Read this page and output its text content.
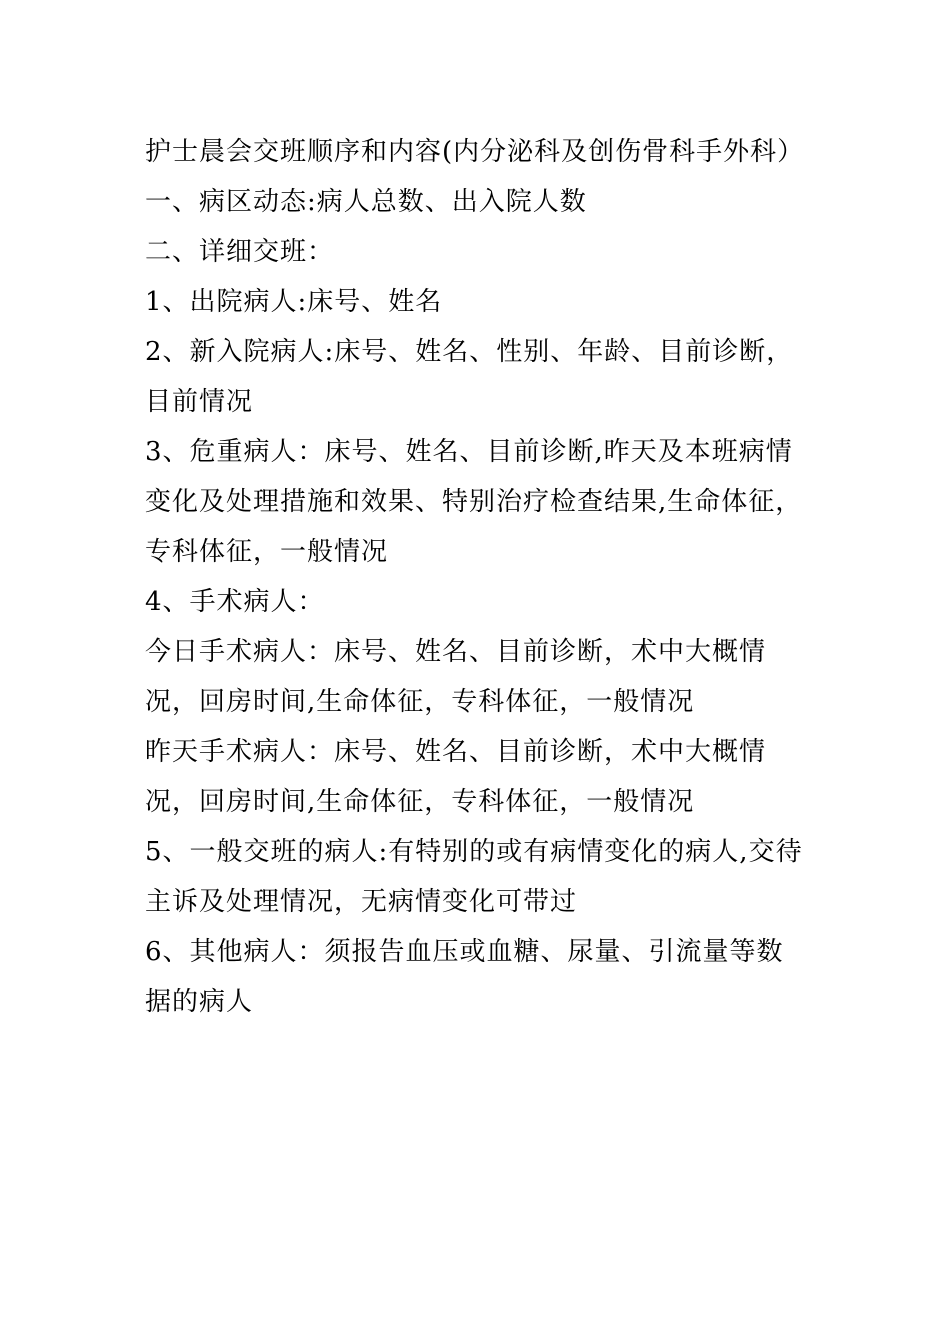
护士晨会交班顺序和内容(内分泌科及创伤骨科手外科）

一、病区动态:病人总数、出入院人数

二、详细交班：

1、出院病人:床号、姓名

2、新入院病人:床号、姓名、性别、年龄、目前诊断，目前情况

3、危重病人：床号、姓名、目前诊断,昨天及本班病情变化及处理措施和效果、特别治疗检查结果,生命体征，专科体征，一般情况

4、手术病人：

今日手术病人：床号、姓名、目前诊断，术中大概情况，回房时间,生命体征，专科体征，一般情况

昨天手术病人：床号、姓名、目前诊断，术中大概情况，回房时间,生命体征，专科体征，一般情况

5、一般交班的病人:有特别的或有病情变化的病人,交待主诉及处理情况，无病情变化可带过

6、其他病人：须报告血压或血糖、尿量、引流量等数据的病人
